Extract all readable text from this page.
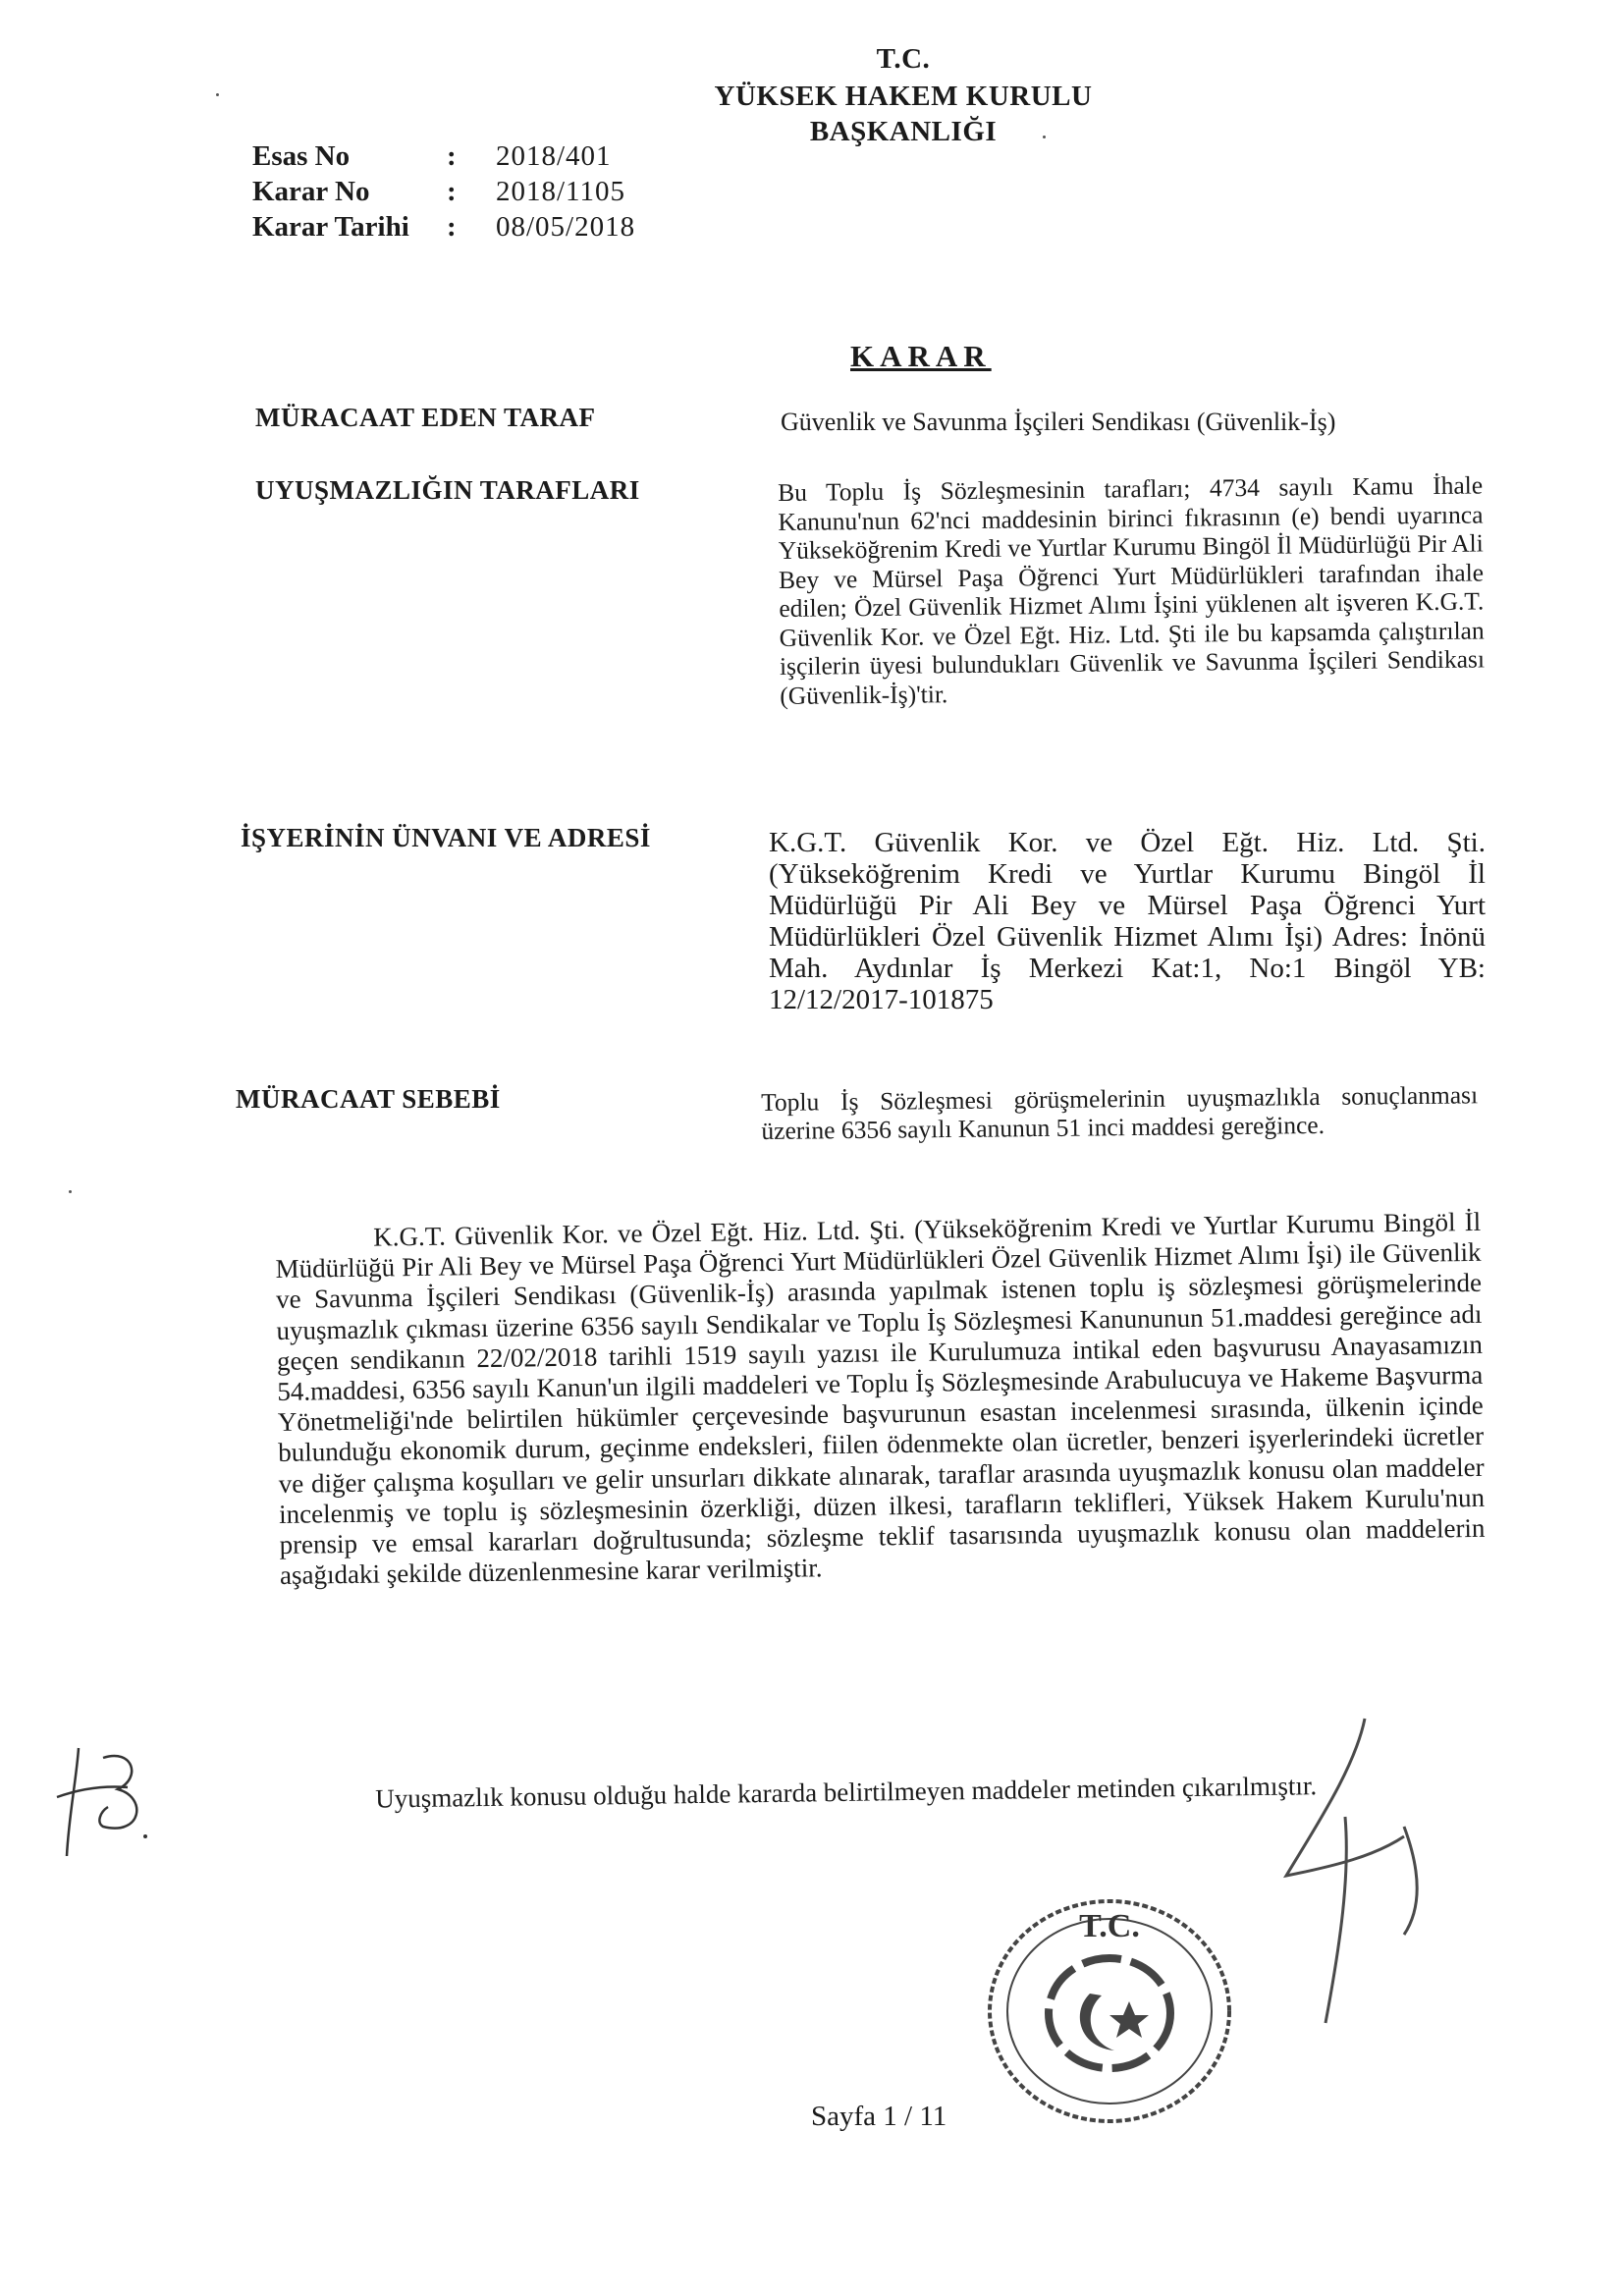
T.C.
YÜKSEK HAKEM KURULU
BAŞKANLIĞI
Esas No	:	2018/401
Karar No	:	2018/1105
Karar Tarihi	:	08/05/2018
KARAR
MÜRACAAT EDEN TARAF	Güvenlik ve Savunma İşçileri Sendikası (Güvenlik-İş)
UYUŞMAZLIĞIN TARAFLARI	Bu Toplu İş Sözleşmesinin tarafları; 4734 sayılı Kamu İhale Kanunu'nun 62'nci maddesinin birinci fıkrasının (e) bendi uyarınca Yükseköğrenim Kredi ve Yurtlar Kurumu Bingöl İl Müdürlüğü Pir Ali Bey ve Mürsel Paşa Öğrenci Yurt Müdürlükleri tarafından ihale edilen; Özel Güvenlik Hizmet Alımı İşini yüklenen alt işveren K.G.T. Güvenlik Kor. ve Özel Eğt. Hiz. Ltd. Şti ile bu kapsamda çalıştırılan işçilerin üyesi bulundukları Güvenlik ve Savunma İşçileri Sendikası (Güvenlik-İş)'tir.
İŞYERİNİN ÜNVANI VE ADRESİ	K.G.T. Güvenlik Kor. ve Özel Eğt. Hiz. Ltd. Şti. (Yükseköğrenim Kredi ve Yurtlar Kurumu Bingöl İl Müdürlüğü Pir Ali Bey ve Mürsel Paşa Öğrenci Yurt Müdürlükleri Özel Güvenlik Hizmet Alımı İşi) Adres: İnönü Mah. Aydınlar İş Merkezi Kat:1, No:1 Bingöl YB: 12/12/2017-101875
MÜRACAAT SEBEBİ	Toplu İş Sözleşmesi görüşmelerinin uyuşmazlıkla sonuçlanması üzerine 6356 sayılı Kanunun 51 inci maddesi gereğince.
K.G.T. Güvenlik Kor. ve Özel Eğt. Hiz. Ltd. Şti. (Yükseköğrenim Kredi ve Yurtlar Kurumu Bingöl İl Müdürlüğü Pir Ali Bey ve Mürsel Paşa Öğrenci Yurt Müdürlükleri Özel Güvenlik Hizmet Alımı İşi) ile Güvenlik ve Savunma İşçileri Sendikası (Güvenlik-İş) arasında yapılmak istenen toplu iş sözleşmesi görüşmelerinde uyuşmazlık çıkması üzerine 6356 sayılı Sendikalar ve Toplu İş Sözleşmesi Kanununun 51.maddesi gereğince adı geçen sendikanın 22/02/2018 tarihli 1519 sayılı yazısı ile Kurulumuza intikal eden başvurusu Anayasamızın 54.maddesi, 6356 sayılı Kanun'un ilgili maddeleri ve Toplu İş Sözleşmesinde Arabulucuya ve Hakeme Başvurma Yönetmeliği'nde belirtilen hükümler çerçevesinde başvurunun esastan incelenmesi sırasında, ülkenin içinde bulunduğu ekonomik durum, geçinme endeksleri, fiilen ödenmekte olan ücretler, benzeri işyerlerindeki ücretler ve diğer çalışma koşulları ve gelir unsurları dikkate alınarak, taraflar arasında uyuşmazlık konusu olan maddeler incelenmiş ve toplu iş sözleşmesinin özerkliği, düzen ilkesi, tarafların teklifleri, Yüksek Hakem Kurulu'nun prensip ve emsal kararları doğrultusunda; sözleşme teklif tasarısında uyuşmazlık konusu olan maddelerin aşağıdaki şekilde düzenlenmesine karar verilmiştir.
Uyuşmazlık konusu olduğu halde kararda belirtilmeyen maddeler metinden çıkarılmıştır.
T.C.
Sayfa 1 / 11
